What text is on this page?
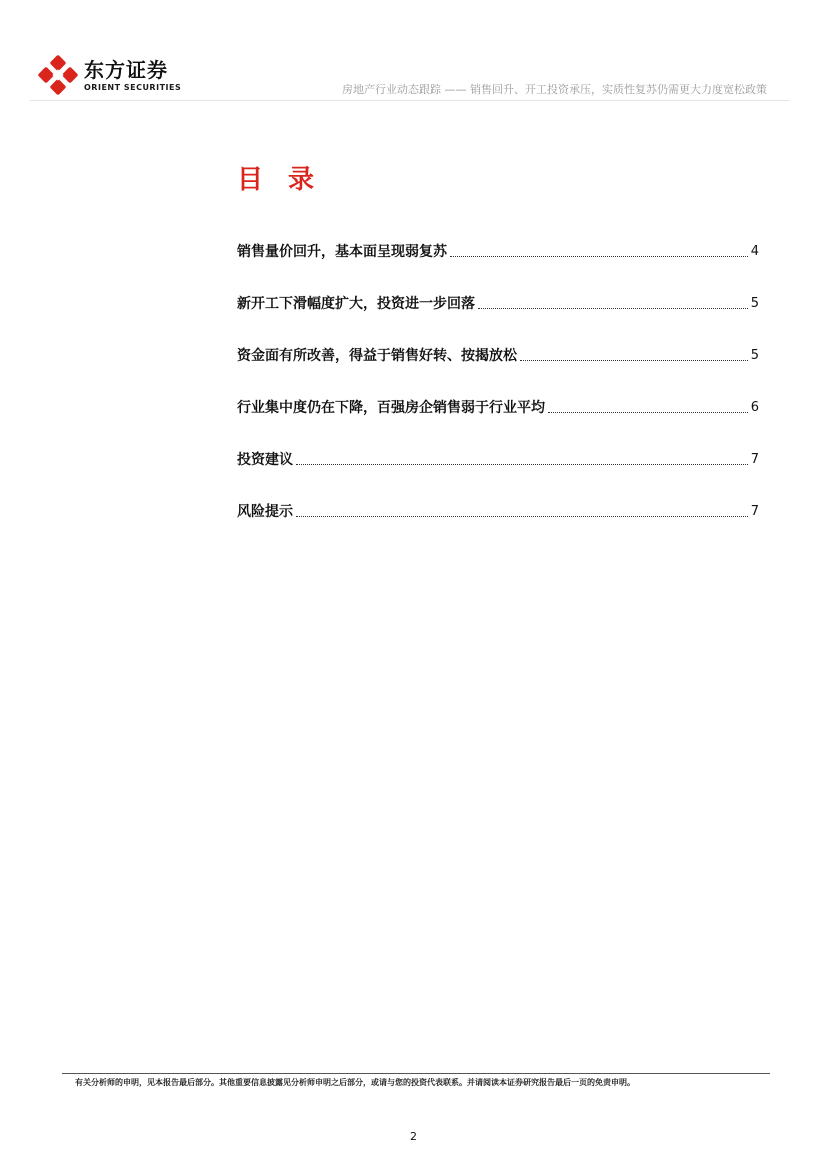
东方证券
ORIENT SECURITIES	房地产行业动态跟踪 —— 销售回升、开工投资承压，实质性复苏仍需更大力度宽松政策
目 录
销售量价回升，基本面呈现弱复苏	4
新开工下滑幅度扩大，投资进一步回落	5
资金面有所改善，得益于销售好转、按揭放松	5
行业集中度仍在下降，百强房企销售弱于行业平均	6
投资建议	7
风险提示	7
有关分析师的申明，见本报告最后部分。其他重要信息披露见分析师申明之后部分，或请与您的投资代表联系。并请阅读本证券研究报告最后一页的免责申明。
2
